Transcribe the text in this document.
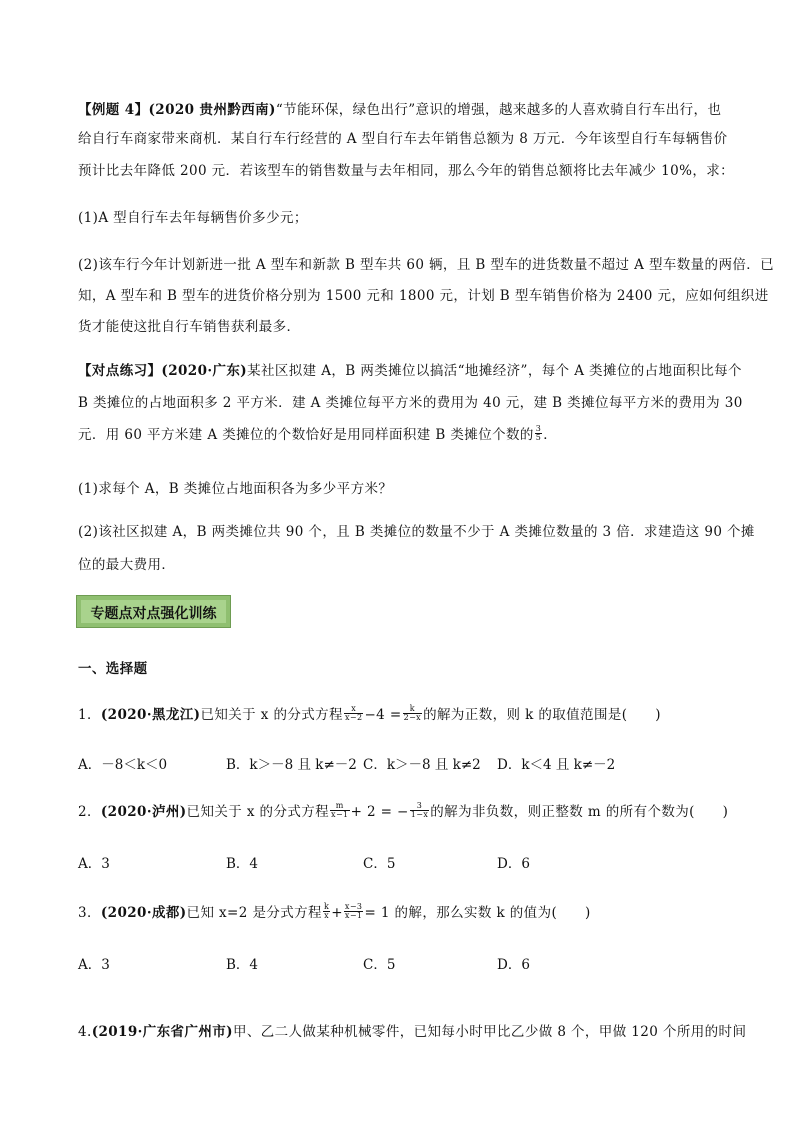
【例题 4】(2020 贵州黔西南)“节能环保，绿色出行”意识的增强，越来越多的人喜欢骑自行车出行，也
给自行车商家带来商机．某自行车行经营的 A 型自行车去年销售总额为 8 万元．今年该型自行车每辆售价
预计比去年降低 200 元．若该型车的销售数量与去年相同，那么今年的销售总额将比去年减少 10%，求：
(1)A 型自行车去年每辆售价多少元；
(2)该车行今年计划新进一批 A 型车和新款 B 型车共 60 辆，且 B 型车的进货数量不超过 A 型车数量的两倍．已
知，A 型车和 B 型车的进货价格分别为 1500 元和 1800 元，计划 B 型车销售价格为 2400 元，应如何组织进
货才能使这批自行车销售获利最多．
【对点练习】(2020·广东)某社区拟建 A，B 两类摊位以搞活“地摊经济”，每个 A 类摊位的占地面积比每个
B 类摊位的占地面积多 2 平方米．建 A 类摊位每平方米的费用为 40 元，建 B 类摊位每平方米的费用为 30
元．用 60 平方米建 A 类摊位的个数恰好是用同样面积建 B 类摊位个数的 $\frac{3}{5}$ ．
(1)求每个 A，B 类摊位占地面积各为多少平方米？
(2)该社区拟建 A，B 两类摊位共 90 个，且 B 类摊位的数量不少于 A 类摊位数量的 3 倍．求建造这 90 个摊
位的最大费用．
专题点对点强化训练
一、选择题
1．(2020·黑龙江)已知关于 x 的分式方程 $\frac{x}{x-2} -4 = \frac{k}{2-x}$ 的解为正数，则 k 的取值范围是(　　)
A．－8＜k＜0	B．k＞－8 且 k≠－2 C．k＞－8 且 k≠2 D．k＜4 且 k≠－2
2．(2020·泸州)已知关于 x 的分式方程 $\frac{m}{x-1} + 2$ = − $\frac{3}{1-x}$ 的解为非负数，则正整数 m 的所有个数为(　　)
A．3	B．4	C．5	D．6
3．(2020·成都)已知 x=2 是分式方程 $\frac{k}{x} + \frac{x-3}{x-1} = 1$ 的解，那么实数 k 的值为(　　)
A．3	B．4	C．5	D．6
4.(2019·广东省广州市)甲、乙二人做某种机械零件，已知每小时甲比乙少做 8 个，甲做 120 个所用的时间
